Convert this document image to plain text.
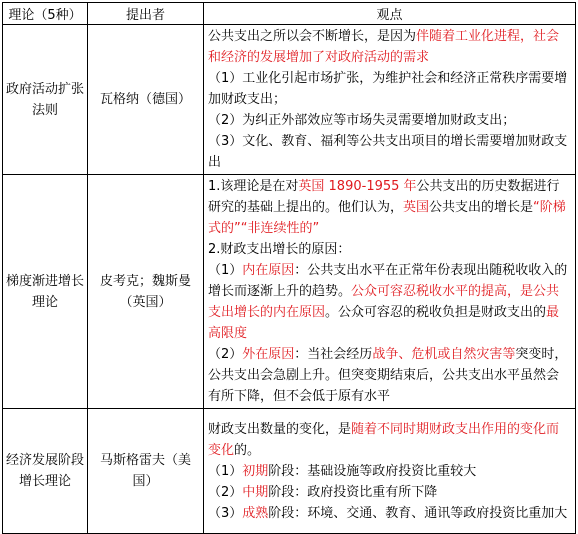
理论（5种）	提出者	观点
政府活动扩张法则	瓦格纳（德国）	公共支出之所以会不断增长，是因为伴随着工业化进程，社会和经济的发展增加了对政府活动的需求
（1）工业化引起市场扩张，为维护社会和经济正常秩序需要增加财政支出；
（2）为纠正外部效应等市场失灵需要增加财政支出；
（3）文化、教育、福利等公共支出项目的增长需要增加财政支出

梯度渐进增长理论	皮考克；魏斯曼（英国）	1.该理论是在对英国 1890-1955 年公共支出的历史数据进行研究的基础上提出的。他们认为，英国公共支出的增长是“阶梯式的”“非连续性的”
2.财政支出增长的原因：
（1）内在原因：公共支出水平在正常年份表现出随税收收入的增长而逐渐上升的趋势。公众可容忍税收水平的提高，是公共支出增长的内在原因。公众可容忍的税收负担是财政支出的最高限度
（2）外在原因：当社会经历战争、危机或自然灾害等突变时，公共支出会急剧上升。但突变期结束后，公共支出水平虽然会有所下降，但不会低于原有水平

经济发展阶段增长理论	马斯格雷夫（美国）	财政支出数量的变化，是随着不同时期财政支出作用的变化而变化的。
（1）初期阶段：基础设施等政府投资比重较大
（2）中期阶段：政府投资比重有所下降
（3）成熟阶段：环境、交通、教育、通讯等政府投资比重加大
